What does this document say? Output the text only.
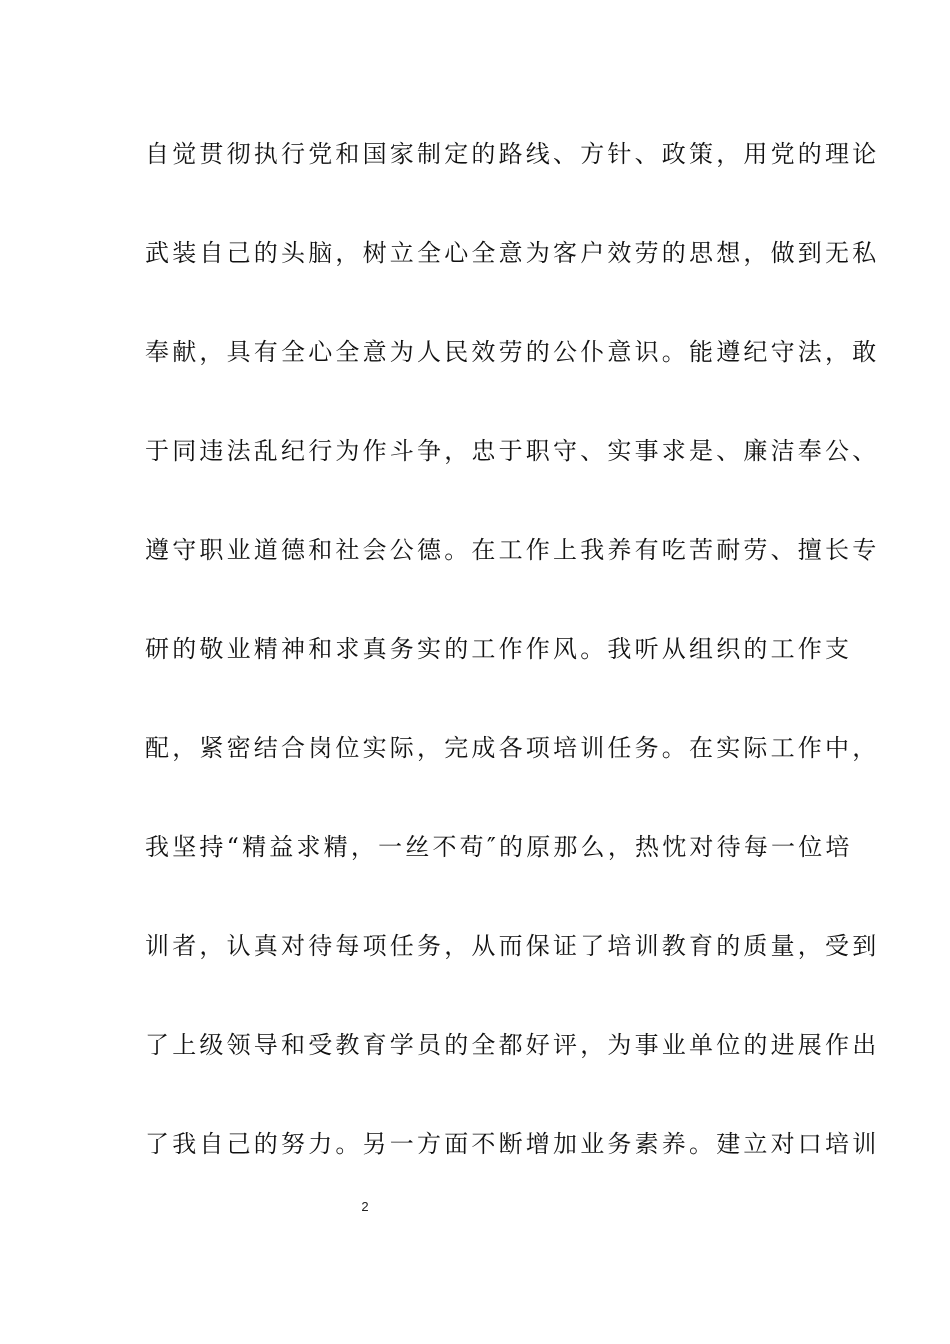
自觉贯彻执行党和国家制定的路线、方针、政策，用党的理论
武装自己的头脑，树立全心全意为客户效劳的思想，做到无私
奉献，具有全心全意为人民效劳的公仆意识。能遵纪守法，敢
于同违法乱纪行为作斗争，忠于职守、实事求是、廉洁奉公、
遵守职业道德和社会公德。在工作上我养有吃苦耐劳、擅长专
研的敬业精神和求真务实的工作作风。我听从组织的工作支
配，紧密结合岗位实际，完成各项培训任务。在实际工作中，
我坚持“精益求精，一丝不苟″的原那么，热忱对待每一位培
训者，认真对待每项任务，从而保证了培训教育的质量，受到
了上级领导和受教育学员的全都好评，为事业单位的进展作出
了我自己的努力。另一方面不断增加业务素养。建立对口培训
2
